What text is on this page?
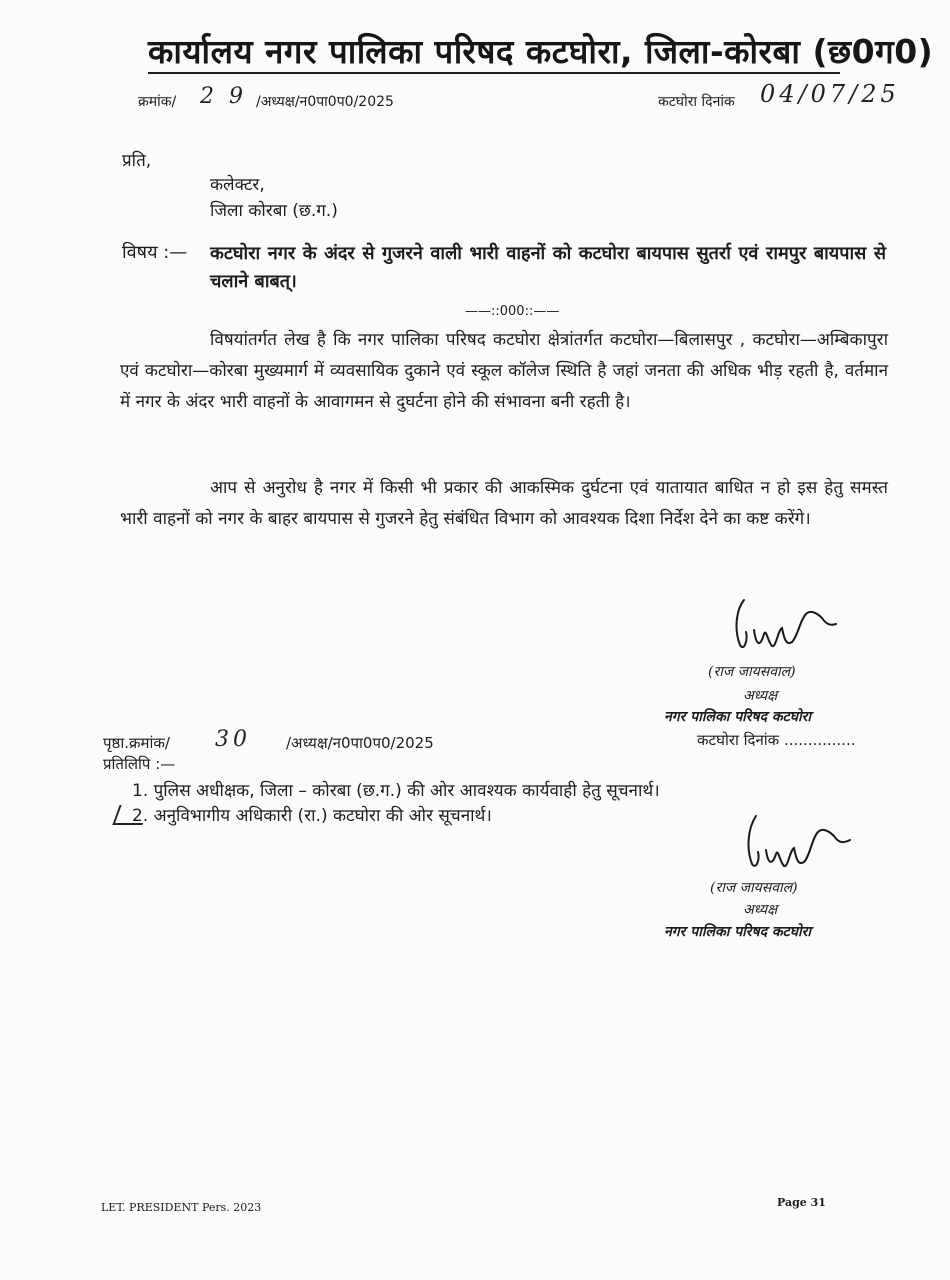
कार्यालय नगर पालिका परिषद कटघोरा, जिला-कोरबा (छ0ग0)
क्रमांक/ 2 9 /अध्यक्ष/न0पा0प0/2025	कटघोरा दिनांक 04/07/25
प्रति,
कलेक्टर,
जिला कोरबा (छ.ग.)
विषय :— कटघोरा नगर के अंदर से गुजरने वाली भारी वाहनों को कटघोरा बायपास सुतर्रा एवं रामपुर बायपास से चलाने बाबत्।
——::000::——
विषयांतर्गत लेख है कि नगर पालिका परिषद कटघोरा क्षेत्रांतर्गत कटघोरा—बिलासपुर , कटघोरा—अम्बिकापुरा एवं कटघोरा—कोरबा मुख्यमार्ग में व्यवसायिक दुकाने एवं स्कूल कॉलेज स्थिति है जहां जनता की अधिक भीड़ रहती है, वर्तमान में नगर के अंदर भारी वाहनों के आवागमन से दुघर्टना होने की संभावना बनी रहती है।
आप से अनुरोध है नगर में किसी भी प्रकार की आकस्मिक दुर्घटना एवं यातायात बाधित न हो इस हेतु समस्त भारी वाहनों को नगर के बाहर बायपास से गुजरने हेतु संबंधित विभाग को आवश्यक दिशा निर्देश देने का कष्ट करेंगे।
(राज जायसवाल)
अध्यक्ष
नगर पालिका परिषद कटघोरा
कटघोरा दिनांक ...............
पृष्ठा.क्रमांक/ 30 /अध्यक्ष/न0पा0प0/2025
प्रतिलिपि :—
1. पुलिस अधीक्षक, जिला – कोरबा (छ.ग.) की ओर आवश्यक कार्यवाही हेतु सूचनार्थ।
2. अनुविभागीय अधिकारी (रा.) कटघोरा की ओर सूचनार्थ।
(राज जायसवाल)
अध्यक्ष
नगर पालिका परिषद कटघोरा
LET. PRESIDENT Pers. 2023	Page 31
